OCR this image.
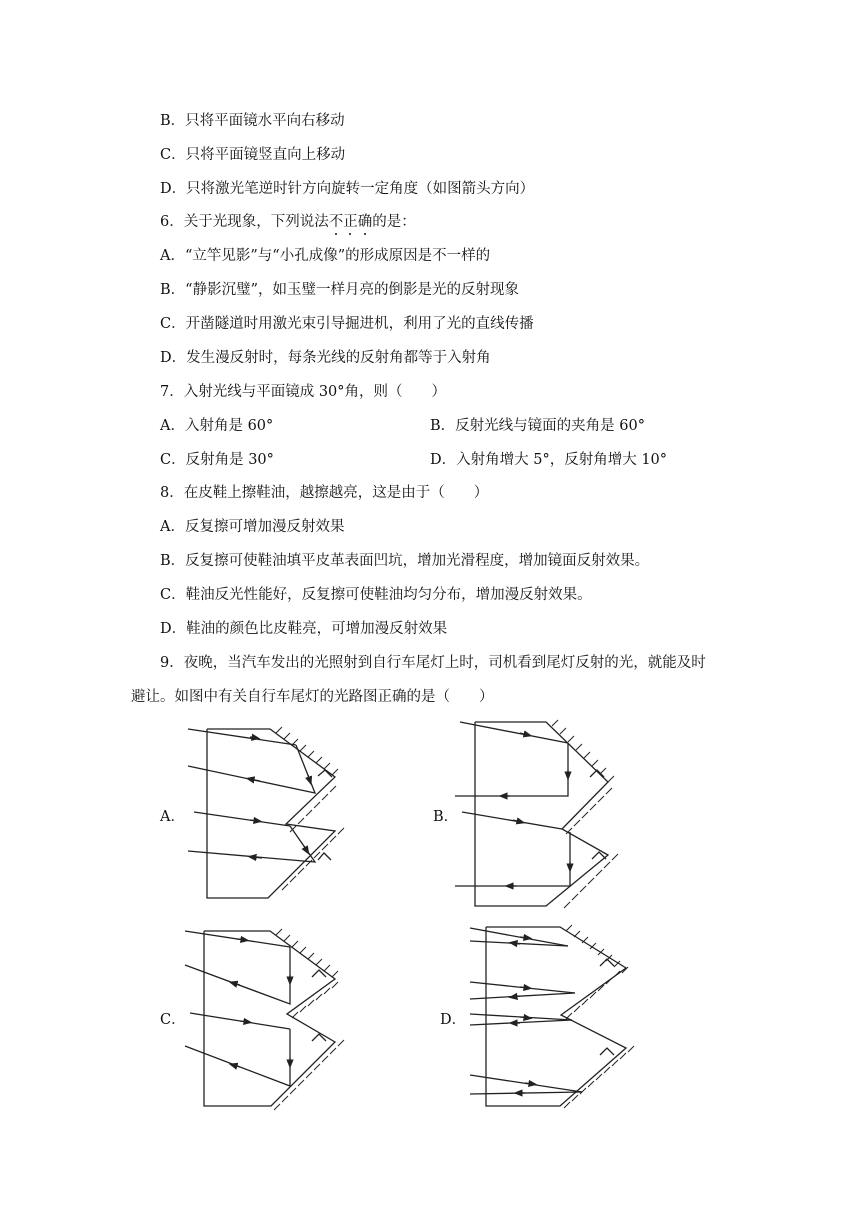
B．只将平面镜水平向右移动
C．只将平面镜竖直向上移动
D．只将激光笔逆时针方向旋转一定角度（如图箭头方向）
6．关于光现象，下列说法不正确的是：
A．“立竿见影”与“小孔成像”的形成原因是不一样的
B．“静影沉璧”，如玉璧一样月亮的倒影是光的反射现象
C．开凿隧道时用激光束引导掘进机，利用了光的直线传播
D．发生漫反射时，每条光线的反射角都等于入射角
7．入射光线与平面镜成 30°角，则（　　）
A．入射角是 60°	B．反射光线与镜面的夹角是 60°
C．反射角是 30°	D．入射角增大 5°，反射角增大 10°
8．在皮鞋上擦鞋油，越擦越亮，这是由于（　　）
A．反复擦可增加漫反射效果
B．反复擦可使鞋油填平皮革表面凹坑，增加光滑程度，增加镜面反射效果。
C．鞋油反光性能好，反复擦可使鞋油均匀分布，增加漫反射效果。
D．鞋油的颜色比皮鞋亮，可增加漫反射效果
9．夜晚，当汽车发出的光照射到自行车尾灯上时，司机看到尾灯反射的光，就能及时
避让。如图中有关自行车尾灯的光路图正确的是（　　）
A．	B．
C．	D．
